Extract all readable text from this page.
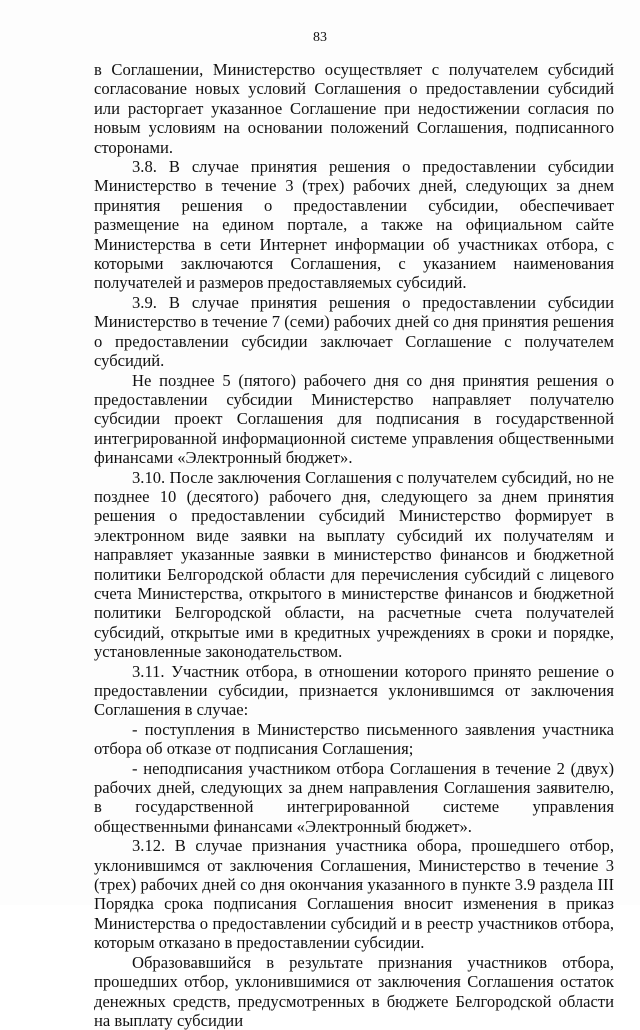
83

в Соглашении, Министерство осуществляет с получателем субсидий согласование новых условий Соглашения о предоставлении субсидий или расторгает указанное Соглашение при недостижении согласия по новым условиям на основании положений Соглашения, подписанного сторонами.

3.8. В случае принятия решения о предоставлении субсидии Министерство в течение 3 (трех) рабочих дней, следующих за днем принятия решения о предоставлении субсидии, обеспечивает размещение на едином портале, а также на официальном сайте Министерства в сети Интернет информации об участниках отбора, с которыми заключаются Соглашения, с указанием наименования получателей и размеров предоставляемых субсидий.

3.9. В случае принятия решения о предоставлении субсидии Министерство в течение 7 (семи) рабочих дней со дня принятия решения о предоставлении субсидии заключает Соглашение с получателем субсидий.

Не позднее 5 (пятого) рабочего дня со дня принятия решения о предоставлении субсидии Министерство направляет получателю субсидии проект Соглашения для подписания в государственной интегрированной информационной системе управления общественными финансами «Электронный бюджет».

3.10. После заключения Соглашения с получателем субсидий, но не позднее 10 (десятого) рабочего дня, следующего за днем принятия решения о предоставлении субсидий Министерство формирует в электронном виде заявки на выплату субсидий их получателям и направляет указанные заявки в министерство финансов и бюджетной политики Белгородской области для перечисления субсидий с лицевого счета Министерства, открытого в министерстве финансов и бюджетной политики Белгородской области, на расчетные счета получателей субсидий, открытые ими в кредитных учреждениях в сроки и порядке, установленные законодательством.

3.11. Участник отбора, в отношении которого принято решение о предоставлении субсидии, признается уклонившимся от заключения Соглашения в случае:

- поступления в Министерство письменного заявления участника отбора об отказе от подписания Соглашения;

- неподписания участником отбора Соглашения в течение 2 (двух) рабочих дней, следующих за днем направления Соглашения заявителю, в государственной интегрированной системе управления общественными финансами «Электронный бюджет».

3.12. В случае признания участника обора, прошедшего отбор, уклонившимся от заключения Соглашения, Министерство в течение 3 (трех) рабочих дней со дня окончания указанного в пункте 3.9 раздела III Порядка срока подписания Соглашения вносит изменения в приказ Министерства о предоставлении субсидий и в реестр участников отбора, которым отказано в предоставлении субсидии.

Образовавшийся в результате признания участников отбора, прошедших отбор, уклонившимися от заключения Соглашения остаток денежных средств, предусмотренных в бюджете Белгородской области на выплату субсидии
